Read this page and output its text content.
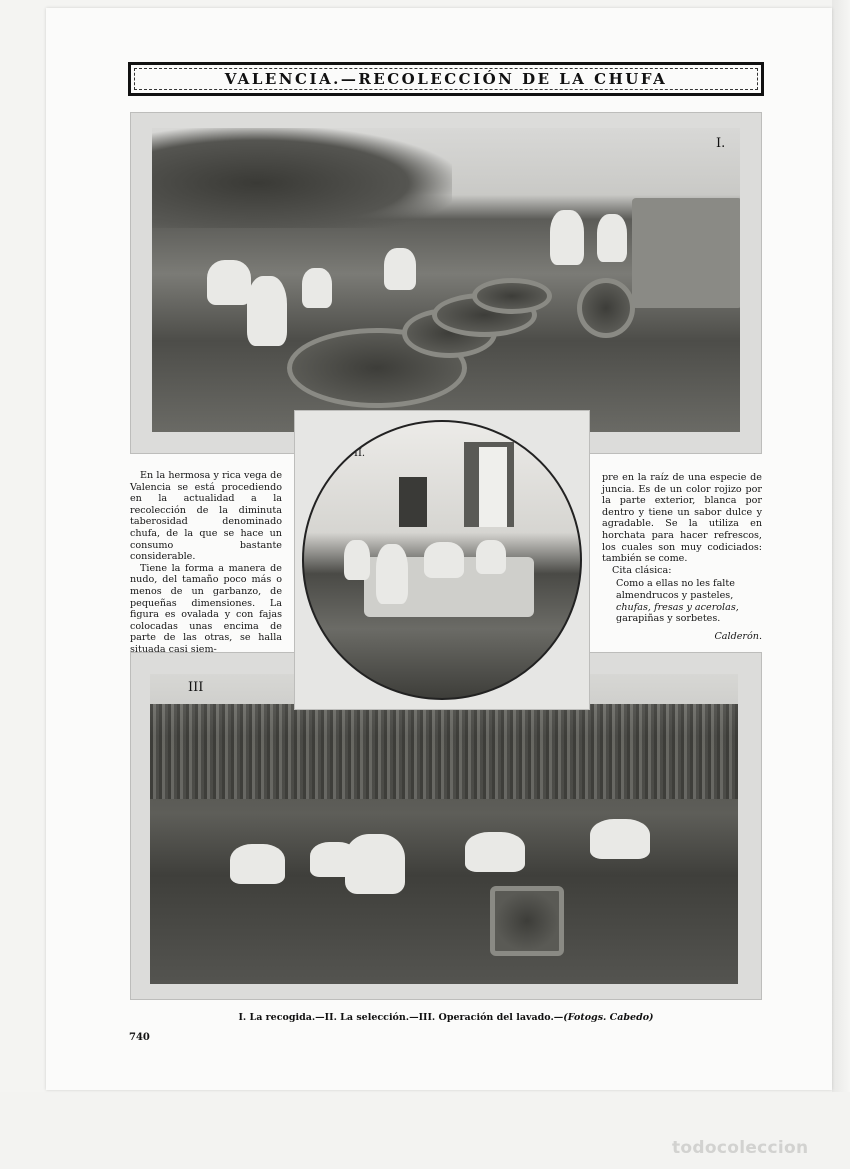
VALENCIA.—RECOLECCIÓN DE LA CHUFA
I.
III
II.

En la hermosa y rica vega de Valencia se está procediendo en la actualidad a la recolección de la diminuta taberosidad denominado chufa, de la que se hace un consumo bastante considerable.

Tiene la forma a manera de nudo, del tamaño poco más o menos de un garbanzo, de pequeñas dimensiones. La figura es ovalada y con fajas colocadas unas encima de parte de las otras, se halla situada casi siem-

pre en la raíz de una especie de juncia. Es de un color rojizo por la parte exterior, blanca por dentro y tiene un sabor dulce y agradable. Se la utiliza en horchata para hacer refrescos, los cuales son muy codiciados: también se come.

Cita clásica:

Como a ellas no les falte
almendrucos y pasteles,
chufas, fresas y acerolas,
garapiñas y sorbetes.
Calderón.
I. La recogida.—II. La selección.—III. Operación del lavado.—(Fotogs. Cabedo)
740
todocoleccion
